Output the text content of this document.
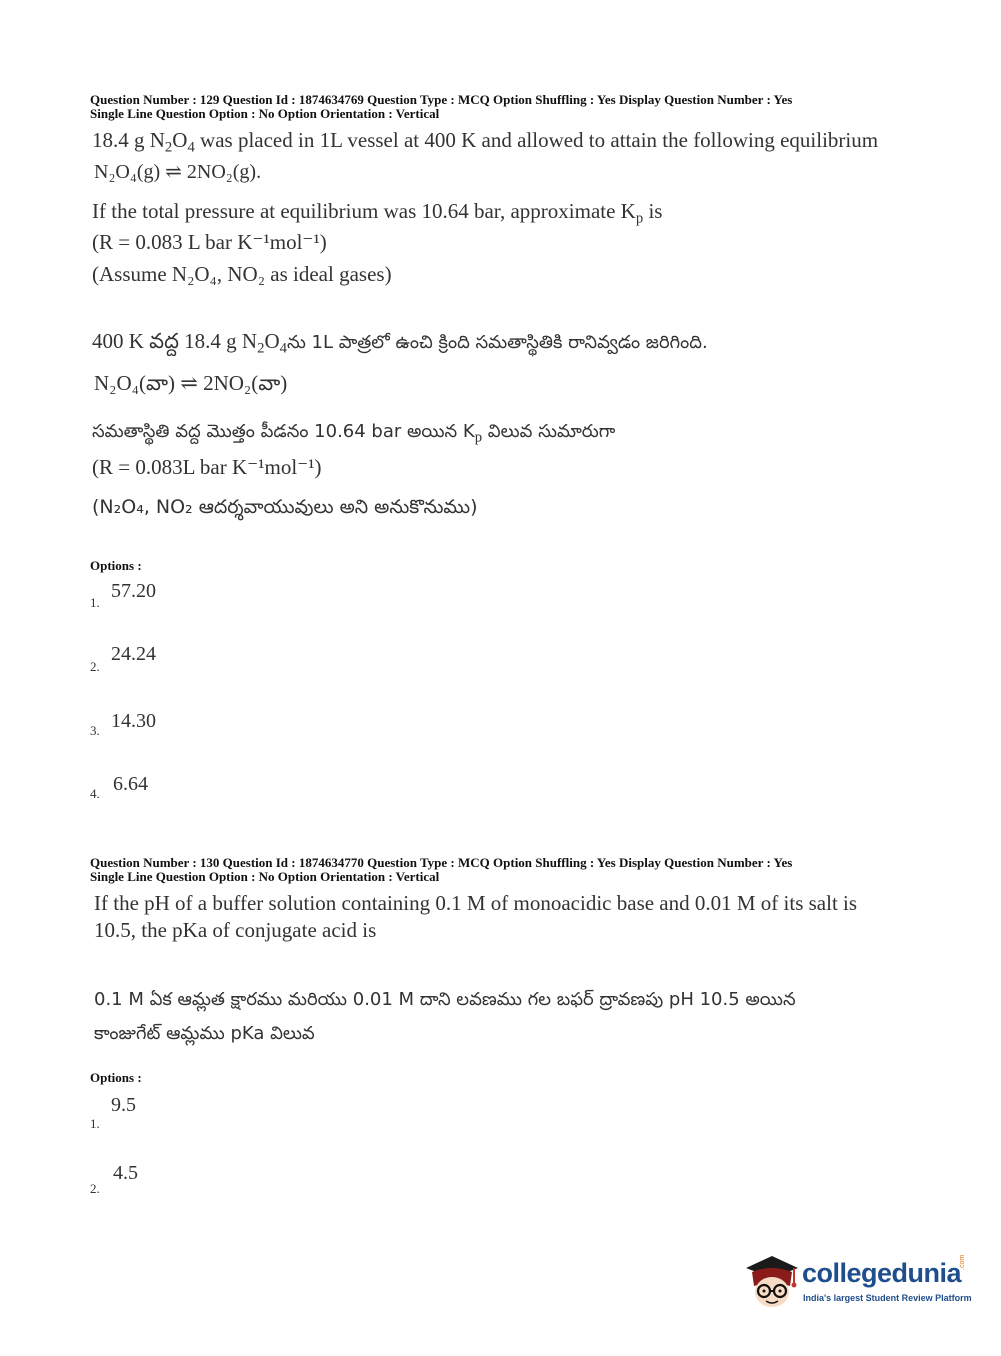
Question Number : 129 Question Id : 1874634769 Question Type : MCQ Option Shuffling : Yes Display Question Number : Yes
Single Line Question Option : No Option Orientation : Vertical
18.4 g $N_2O_4$ was placed in 1L vessel at 400 K and allowed to attain the following equilibrium
N₂O₄(g) ⇌ 2NO₂(g).
If the total pressure at equilibrium was 10.64 bar, approximate $K_p$ is
(R = 0.083 L bar K⁻¹mol⁻¹)
(Assume N₂O₄, NO₂ as ideal gases)
400 K వద్ద 18.4 g $N_2O_4ను$ 1L పాత్రలో ఉంచి క్రింది సమతాస్థితికి రానివ్వడం జరిగింది.
N₂O₄(వా) ⇌ 2NO₂(వా)
సమతాస్థితి వద్ద మొత్తం పీడనం 10.64 bar అయిన $K_p$ విలువ సుమారుగా
(R = 0.083L bar K⁻¹mol⁻¹)
(N₂O₄, NO₂ ఆదర్శవాయువులు అని అనుకొనుము)
Options :
1.
57.20
2.
24.24
3. 14.30
4. 6.64
Question Number : 130 Question Id : 1874634770 Question Type : MCQ Option Shuffling : Yes Display Question Number : Yes
Single Line Question Option : No Option Orientation : Vertical
If the pH of a buffer solution containing 0.1 M of monoacidic base and 0.01 M of its salt is
10.5, the pKa of conjugate acid is
0.1 M ఏక ఆమ్లత క్షారము మరియు 0.01 M దాని లవణము గల బఫర్ ద్రావణపు pH 10.5 అయిన
కాంజుగేట్ ఆమ్లము pKa విలువ
Options :
1.
9.5
2.
4.5
collegedunia
.com
India's largest Student Review Platform
